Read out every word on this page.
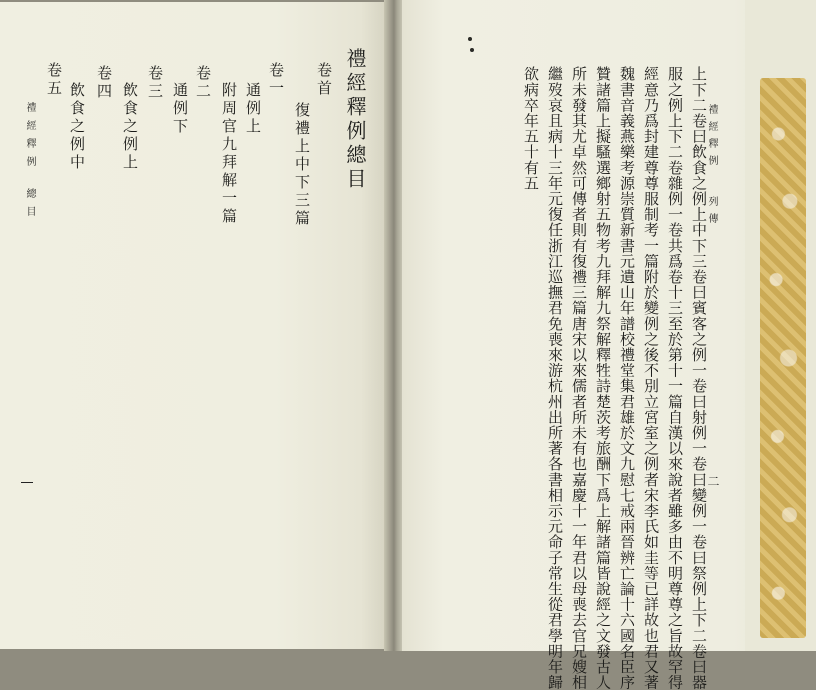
禮經釋例總目
卷首
復禮上中下三篇
卷一
通例上
附周官九拜解一篇
卷二
通例下
卷三
飲食之例上
卷四
飲食之例中
卷五
禮經釋例
總目
禮經釋例
列傳
二
上下二卷曰飲食之例上中下三卷曰賓客之例一卷曰射例一卷曰變例一卷曰祭例上下二卷曰器
服之例上下二卷雜例一卷共爲卷十三至於第十一篇自漢以來說者雖多由不明尊尊之旨故罕得
經意乃爲封建尊尊服制考一篇附於變例之後不別立宮室之例者宋李氏如圭等已詳故也君又著
魏書音義燕樂考源崇質新書元遺山年譜校禮堂集君雄於文九慰七戒兩晉辨亡論十六國名臣序
贊諸篇上擬騷選鄉射五物考九拜解九祭解釋牲詩楚茨考旅酬下爲上解諸篇皆說經之文發古人
所未發其尤卓然可傳者則有復禮三篇唐宋以來儒者所未有也嘉慶十一年君以母喪去官兄嫂相
繼歿哀且病十三年元復任浙江巡撫君免喪來游杭州出所著各書相示元命子常生從君學明年歸
欲病卒年五十有五
